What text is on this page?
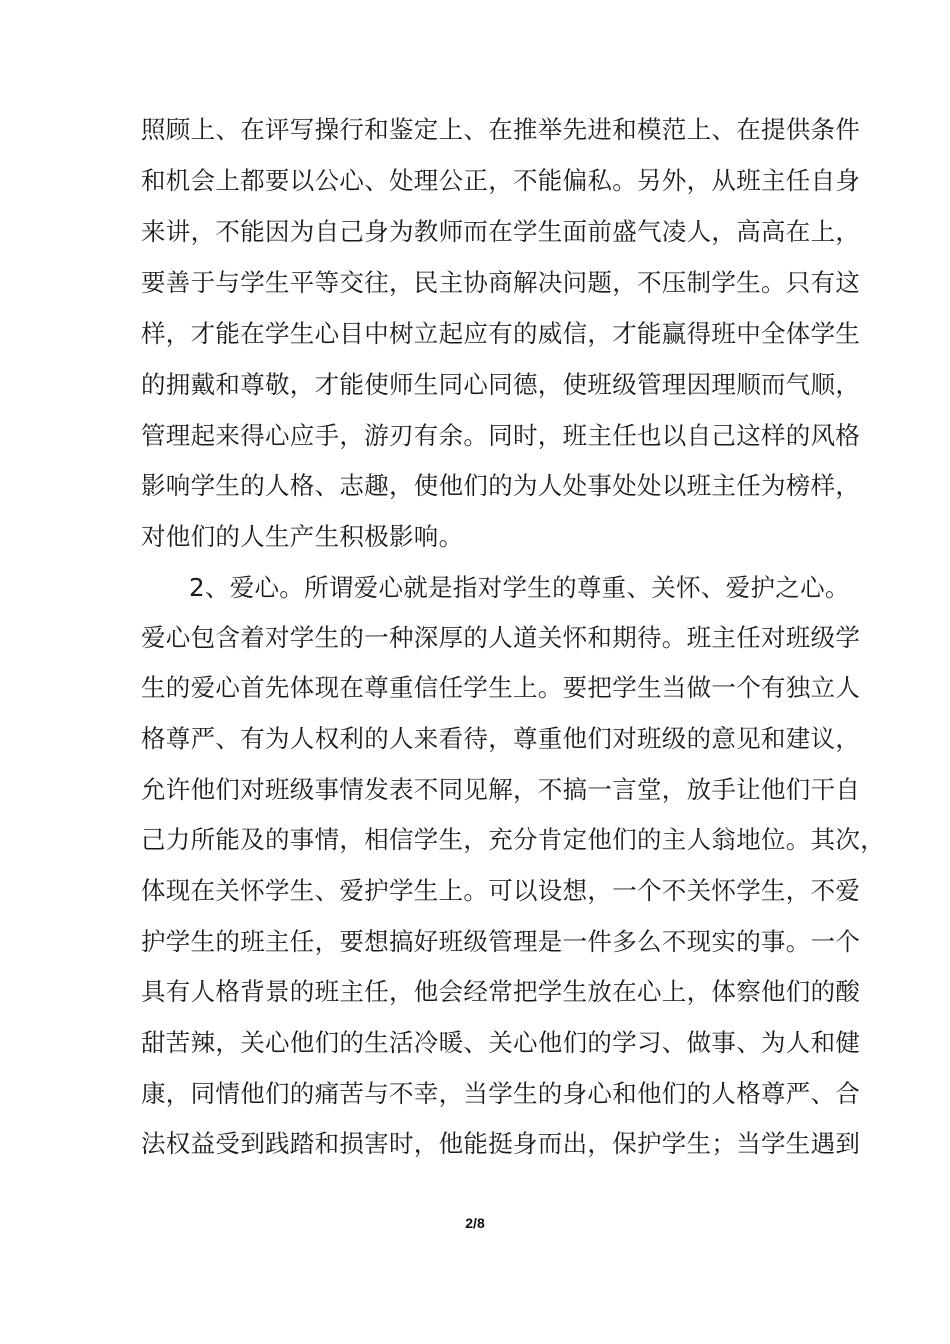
照顾上、在评写操行和鉴定上、在推举先进和模范上、在提供条件
和机会上都要以公心、处理公正，不能偏私。另外，从班主任自身
来讲，不能因为自己身为教师而在学生面前盛气凌人，高高在上，
要善于与学生平等交往，民主协商解决问题，不压制学生。只有这
样，才能在学生心目中树立起应有的威信，才能赢得班中全体学生
的拥戴和尊敬，才能使师生同心同德，使班级管理因理顺而气顺，
管理起来得心应手，游刃有余。同时，班主任也以自己这样的风格
影响学生的人格、志趣，使他们的为人处事处处以班主任为榜样，
对他们的人生产生积极影响。
2、爱心。所谓爱心就是指对学生的尊重、关怀、爱护之心。
爱心包含着对学生的一种深厚的人道关怀和期待。班主任对班级学
生的爱心首先体现在尊重信任学生上。要把学生当做一个有独立人
格尊严、有为人权利的人来看待，尊重他们对班级的意见和建议，
允许他们对班级事情发表不同见解，不搞一言堂，放手让他们干自
己力所能及的事情，相信学生，充分肯定他们的主人翁地位。其次，
体现在关怀学生、爱护学生上。可以设想，一个不关怀学生，不爱
护学生的班主任，要想搞好班级管理是一件多么不现实的事。一个
具有人格背景的班主任，他会经常把学生放在心上，体察他们的酸
甜苦辣，关心他们的生活冷暖、关心他们的学习、做事、为人和健
康，同情他们的痛苦与不幸，当学生的身心和他们的人格尊严、合
法权益受到践踏和损害时，他能挺身而出，保护学生；当学生遇到
2/8
